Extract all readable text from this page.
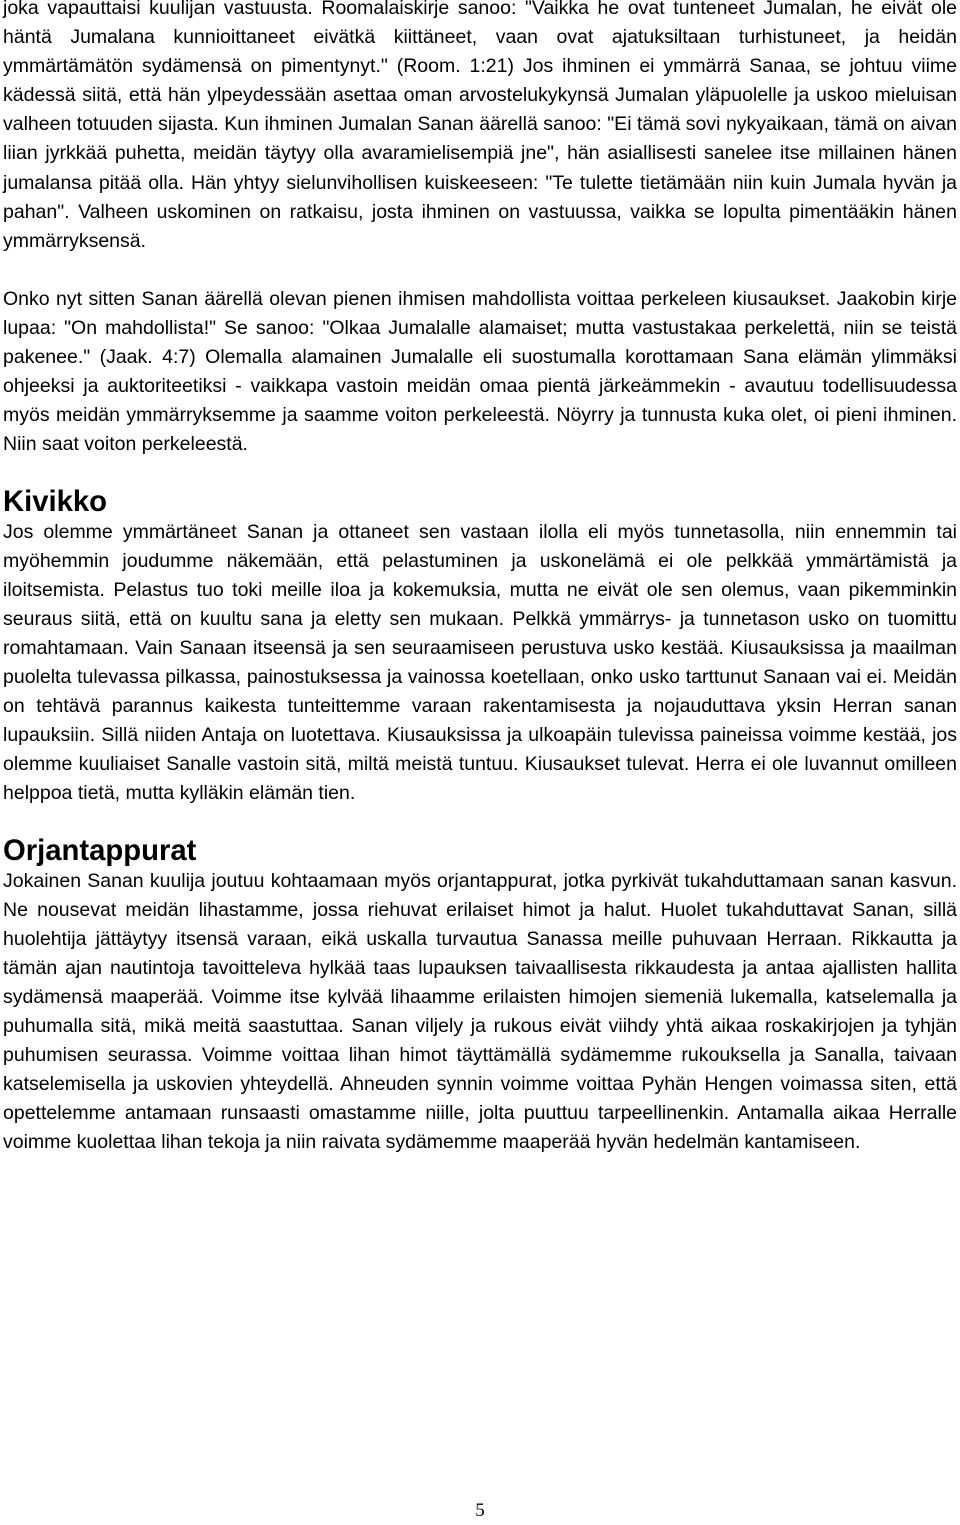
joka vapauttaisi kuulijan vastuusta. Roomalaiskirje sanoo: "Vaikka he ovat tunteneet Jumalan, he eivät ole häntä Jumalana kunnioittaneet eivätkä kiittäneet, vaan ovat ajatuksiltaan turhistuneet, ja heidän ymmärtämätön sydämensä on pimentynyt." (Room. 1:21) Jos ihminen ei ymmärrä Sanaa, se johtuu viime kädessä siitä, että hän ylpeydessään asettaa oman arvostelukykynsä Jumalan yläpuolelle ja uskoo mieluisan valheen totuuden sijasta. Kun ihminen Jumalan Sanan äärellä sanoo: "Ei tämä sovi nykyaikaan, tämä on aivan liian jyrkkää puhetta, meidän täytyy olla avaramielisempiä jne", hän asiallisesti sanelee itse millainen hänen jumalansa pitää olla. Hän yhtyy sielunvihollisen kuiskeeseen: "Te tulette tietämään niin kuin Jumala hyvän ja pahan". Valheen uskominen on ratkaisu, josta ihminen on vastuussa, vaikka se lopulta pimentääkin hänen ymmärryksensä.

Onko nyt sitten Sanan äärellä olevan pienen ihmisen mahdollista voittaa perkeleen kiusaukset. Jaakobin kirje lupaa: "On mahdollista!" Se sanoo: "Olkaa Jumalalle alamaiset; mutta vastustakaa perkelettä, niin se teistä pakenee." (Jaak. 4:7) Olemalla alamainen Jumalalle eli suostumalla korottamaan Sana elämän ylimmäksi ohjeeksi ja auktoriteetiksi - vaikkapa vastoin meidän omaa pientä järkeämmekin - avautuu todellisuudessa myös meidän ymmärryksemme ja saamme voiton perkeleestä. Nöyrry ja tunnusta kuka olet, oi pieni ihminen. Niin saat voiton perkeleestä.

Kivikko

Jos olemme ymmärtäneet Sanan ja ottaneet sen vastaan ilolla eli myös tunnetasolla, niin ennemmin tai myöhemmin joudumme näkemään, että pelastuminen ja uskonelämä ei ole pelkkää ymmärtämistä ja iloitsemista. Pelastus tuo toki meille iloa ja kokemuksia, mutta ne eivät ole sen olemus, vaan pikemminkin seuraus siitä, että on kuultu sana ja eletty sen mukaan. Pelkkä ymmärrys- ja tunnetason usko on tuomittu romahtamaan. Vain Sanaan itseensä ja sen seuraamiseen perustuva usko kestää. Kiusauksissa ja maailman puolelta tulevassa pilkassa, painostuksessa ja vainossa koetellaan, onko usko tarttunut Sanaan vai ei. Meidän on tehtävä parannus kaikesta tunteittemme varaan rakentamisesta ja nojauduttava yksin Herran sanan lupauksiin. Sillä niiden Antaja on luotettava. Kiusauksissa ja ulkoapäin tulevissa paineissa voimme kestää, jos olemme kuuliaiset Sanalle vastoin sitä, miltä meistä tuntuu. Kiusaukset tulevat. Herra ei ole luvannut omilleen helppoa tietä, mutta kylläkin elämän tien.

Orjantappurat

Jokainen Sanan kuulija joutuu kohtaamaan myös orjantappurat, jotka pyrkivät tukahduttamaan sanan kasvun. Ne nousevat meidän lihastamme, jossa riehuvat erilaiset himot ja halut. Huolet tukahduttavat Sanan, sillä huolehtija jättäytyy itsensä varaan, eikä uskalla turvautua Sanassa meille puhuvaan Herraan. Rikkautta ja tämän ajan nautintoja tavoitteleva hylkää taas lupauksen taivaallisesta rikkaudesta ja antaa ajallisten hallita sydämensä maaperää. Voimme itse kylvää lihaamme erilaisten himojen siemeniä lukemalla, katselemalla ja puhumalla sitä, mikä meitä saastuttaa. Sanan viljely ja rukous eivät viihdy yhtä aikaa roskakirjojen ja tyhjän puhumisen seurassa. Voimme voittaa lihan himot täyttämällä sydämemme rukouksella ja Sanalla, taivaan katselemisella ja uskovien yhteydellä. Ahneuden synnin voimme voittaa Pyhän Hengen voimassa siten, että opettelemme antamaan runsaasti omastamme niille, jolta puuttuu tarpeellinenkin. Antamalla aikaa Herralle voimme kuolettaa lihan tekoja ja niin raivata sydämemme maaperää hyvän hedelmän kantamiseen.

5
